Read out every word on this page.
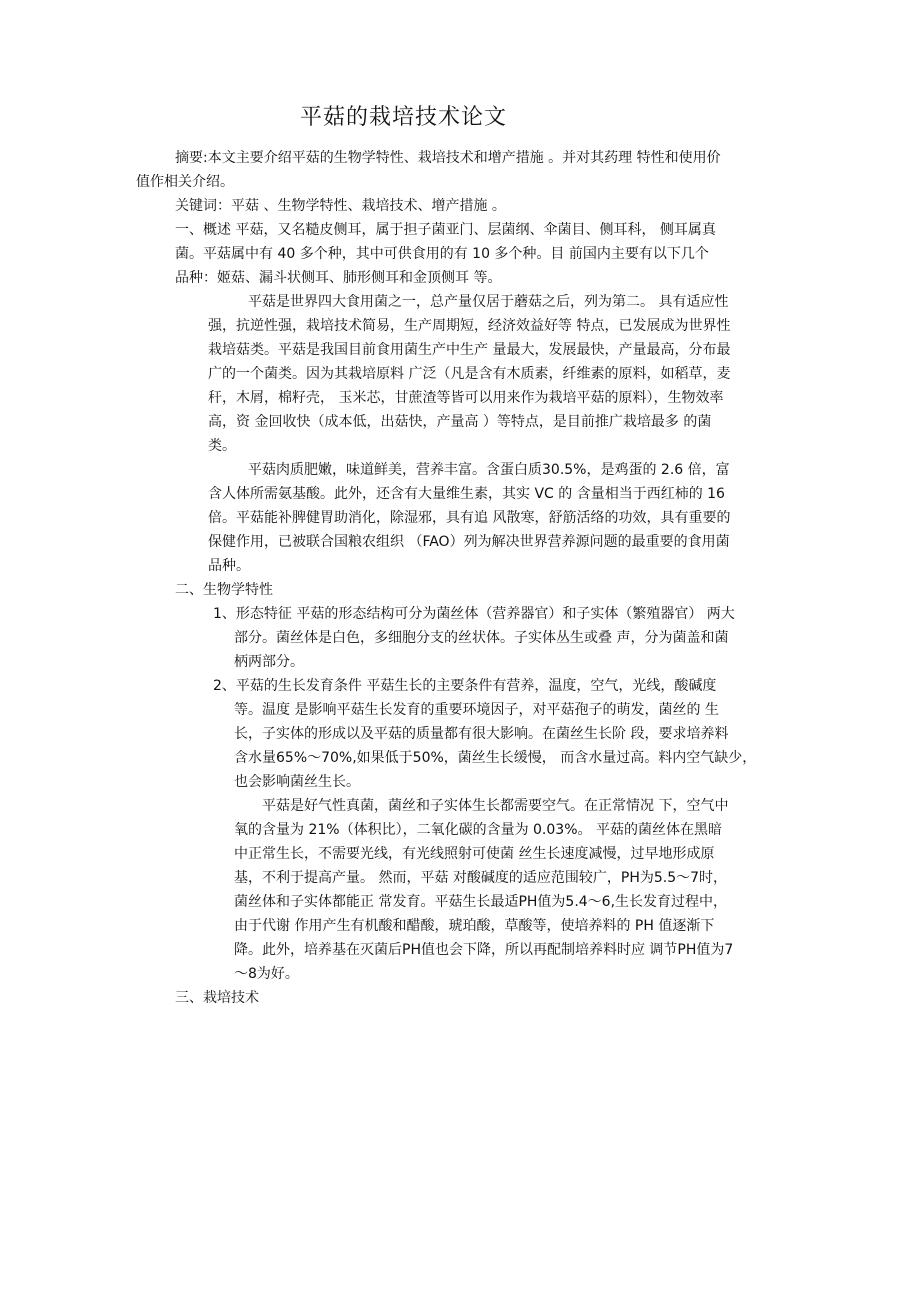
平菇的栽培技术论文
摘要:本文主要介绍平菇的生物学特性、栽培技术和增产措施 。并对其药理 特性和使用价
值作相关介绍。
关键词：平菇 、生物学特性、栽培技术、增产措施 。
一、概述 平菇，又名糙皮侧耳，属于担子菌亚门、层菌纲、伞菌目、侧耳科， 侧耳属真
菌。平菇属中有 40 多个种，其中可供食用的有 10 多个种。目 前国内主要有以下几个
品种：姬菇、漏斗状侧耳、肺形侧耳和金顶侧耳 等。
平菇是世界四大食用菌之一，总产量仅居于蘑菇之后，列为第二。 具有适应性
强，抗逆性强，栽培技术简易，生产周期短，经济效益好等 特点，已发展成为世界性
栽培菇类。平菇是我国目前食用菌生产中生产 量最大，发展最快，产量最高，分布最
广的一个菌类。因为其栽培原料 广泛（凡是含有木质素，纤维素的原料，如稻草，麦
秆，木屑，棉籽壳， 玉米芯，甘蔗渣等皆可以用来作为栽培平菇的原料），生物效率
高，资 金回收快（成本低，出菇快，产量高 ）等特点，是目前推广栽培最多 的菌
类。
平菇肉质肥嫩，味道鲜美，营养丰富。含蛋白质30.5%，是鸡蛋的 2.6 倍，富
含人体所需氨基酸。此外，还含有大量维生素，其实 VC 的 含量相当于西红柿的 16
倍。平菇能补脾健胃助消化，除湿邪，具有追 风散寒，舒筋活络的功效，具有重要的
保健作用，已被联合国粮农组织 （FAO）列为解决世界营养源问题的最重要的食用菌
品种。
二、生物学特性
1、形态特征 平菇的形态结构可分为菌丝体（营养器官）和子实体（繁殖器官） 两大
部分。菌丝体是白色，多细胞分支的丝状体。子实体丛生或叠 声，分为菌盖和菌
柄两部分。
2、平菇的生长发育条件 平菇生长的主要条件有营养，温度，空气，光线，酸碱度
等。温度 是影响平菇生长发育的重要环境因子，对平菇孢子的萌发，菌丝的 生
长，子实体的形成以及平菇的质量都有很大影响。在菌丝生长阶 段，要求培养料
含水量65%～70%,如果低于50%，菌丝生长缓慢， 而含水量过高。料内空气缺少，
也会影响菌丝生长。
平菇是好气性真菌，菌丝和子实体生长都需要空气。在正常情况 下，空气中
氧的含量为 21%（体积比），二氧化碳的含量为 0.03%。 平菇的菌丝体在黑暗
中正常生长，不需要光线，有光线照射可使菌 丝生长速度减慢，过早地形成原
基，不利于提高产量。 然而，平菇 对酸碱度的适应范围较广，PH为5.5～7时，
菌丝体和子实体都能正 常发育。平菇生长最适PH值为5.4～6,生长发育过程中，
由于代谢 作用产生有机酸和醋酸，琥珀酸，草酸等，使培养料的 PH 值逐渐下
降。此外，培养基在灭菌后PH值也会下降，所以再配制培养料时应 调节PH值为7
～8为好。
三、栽培技术
